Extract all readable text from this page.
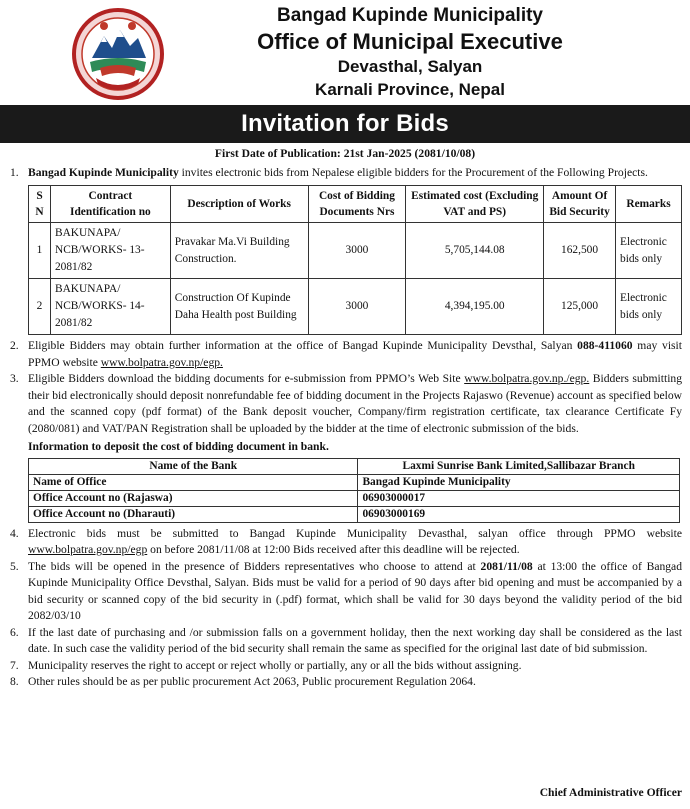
Bangad Kupinde Municipality
Office of Municipal Executive
Devasthal, Salyan
Karnali Province, Nepal
Invitation for Bids

First Date of Publication: 21st Jan-2025 (2081/10/08)

1. Bangad Kupinde Municipality invites electronic bids from Nepalese eligible bidders for the Procurement of the Following Projects.

S N	Contract Identification no	Description of Works	Cost of Bidding Documents Nrs	Estimated cost (Excluding VAT and PS)	Amount Of Bid Security	Remarks
1	BAKUNAPA/ NCB/WORKS- 13-2081/82	Pravakar Ma.Vi Building Construction.	3000	5,705,144.08	162,500	Electronic bids only
2	BAKUNAPA/ NCB/WORKS- 14-2081/82	Construction Of Kupinde Daha Health post Building	3000	4,394,195.00	125,000	Electronic bids only

2. Eligible Bidders may obtain further information at the office of Bangad Kupinde Municipality Devsthal, Salyan 088-411060 may visit PPMO website www.bolpatra.gov.np/egp.

3. Eligible Bidders download the bidding documents for e-submission from PPMO’s Web Site www.bolpatra.gov.np./egp. Bidders submitting their bid electronically should deposit nonrefundable fee of bidding document in the Projects Rajaswo (Revenue) account as specified below and the scanned copy (pdf format) of the Bank deposit voucher, Company/firm registration certificate, tax clearance Certificate Fy (2080/081) and VAT/PAN Registration shall be uploaded by the bidder at the time of electronic submission of the bids.

Information to deposit the cost of bidding document in bank.
Name of the Bank	Laxmi Sunrise Bank Limited,Sallibazar Branch
Name of Office	Bangad Kupinde Municipality
Office Account no (Rajaswa)	06903000017
Office Account no (Dharauti)	06903000169

4. Electronic bids must be submitted to Bangad Kupinde Municipality Devasthal, salyan office through PPMO website www.bolpatra.gov.np/egp on before 2081/11/08 at 12:00 Bids received after this deadline will be rejected.

5. The bids will be opened in the presence of Bidders representatives who choose to attend at 2081/11/08 at 13:00 the office of Bangad Kupinde Municipality Office Devsthal, Salyan. Bids must be valid for a period of 90 days after bid opening and must be accompanied by a bid security or scanned copy of the bid security in (.pdf) format, which shall be valid for 30 days beyond the validity period of the bid 2082/03/10

6. If the last date of purchasing and /or submission falls on a government holiday, then the next working day shall be considered as the last date. In such case the validity period of the bid security shall remain the same as specified for the original last date of bid submission.

7. Municipality reserves the right to accept or reject wholly or partially, any or all the bids without assigning.

8. Other rules should be as per public procurement Act 2063, Public procurement Regulation 2064.

Chief Administrative Officer
